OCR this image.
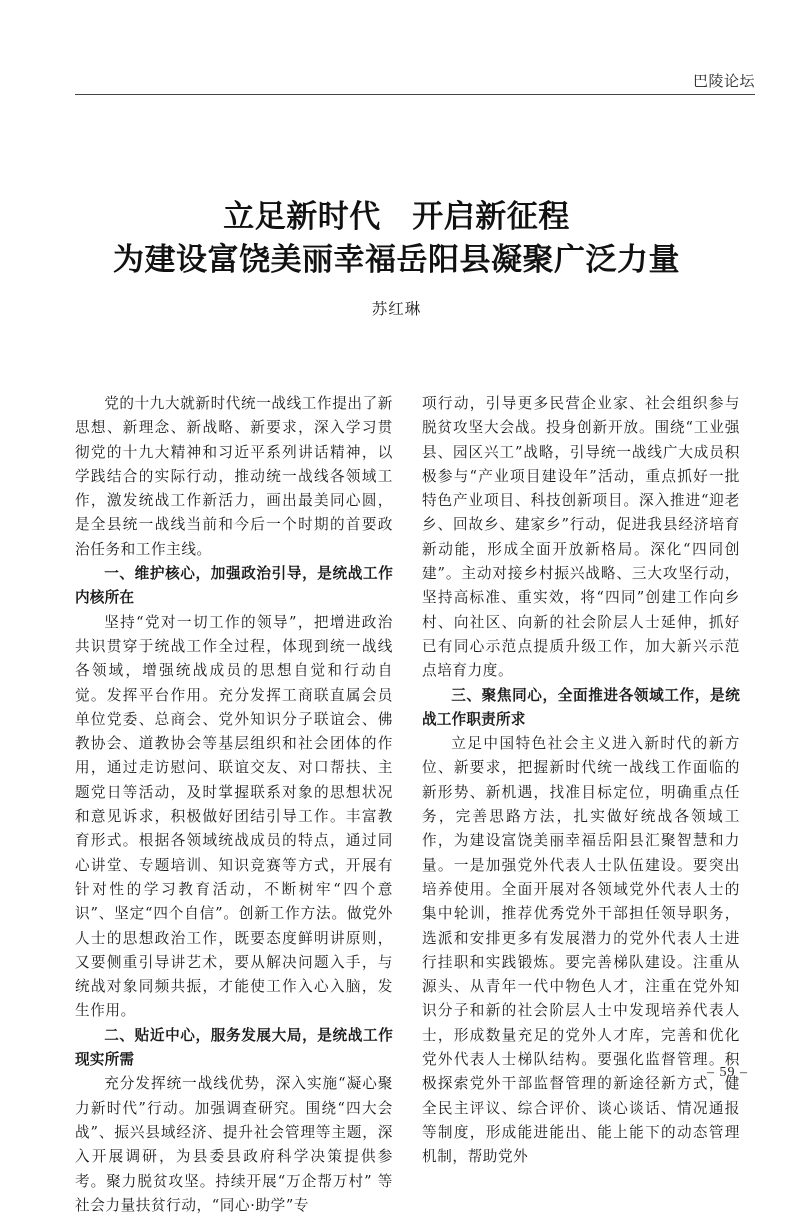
巴陵论坛
立足新时代　开启新征程
为建设富饶美丽幸福岳阳县凝聚广泛力量
苏红琳

党的十九大就新时代统一战线工作提出了新思想、新理念、新战略、新要求，深入学习贯彻党的十九大精神和习近平系列讲话精神，以学践结合的实际行动，推动统一战线各领域工作，激发统战工作新活力，画出最美同心圆，是全县统一战线当前和今后一个时期的首要政治任务和工作主线。

一、维护核心，加强政治引导，是统战工作内核所在

坚持“党对一切工作的领导”，把增进政治共识贯穿于统战工作全过程，体现到统一战线各领域，增强统战成员的思想自觉和行动自觉。发挥平台作用。充分发挥工商联直属会员单位党委、总商会、党外知识分子联谊会、佛教协会、道教协会等基层组织和社会团体的作用，通过走访慰问、联谊交友、对口帮扶、主题党日等活动，及时掌握联系对象的思想状况和意见诉求，积极做好团结引导工作。丰富教育形式。根据各领域统战成员的特点，通过同心讲堂、专题培训、知识竞赛等方式，开展有针对性的学习教育活动，不断树牢“四个意识”、坚定“四个自信”。创新工作方法。做党外人士的思想政治工作，既要态度鲜明讲原则，又要侧重引导讲艺术，要从解决问题入手，与统战对象同频共振，才能使工作入心入脑，发生作用。

二、贴近中心，服务发展大局，是统战工作现实所需

充分发挥统一战线优势，深入实施“凝心聚力新时代”行动。加强调查研究。围绕“四大会战”、振兴县域经济、提升社会管理等主题，深入开展调研，为县委县政府科学决策提供参考。聚力脱贫攻坚。持续开展“万企帮万村” 等社会力量扶贫行动，“同心·助学”专

项行动，引导更多民营企业家、社会组织参与脱贫攻坚大会战。投身创新开放。围绕“工业强县、园区兴工”战略，引导统一战线广大成员积极参与“产业项目建设年”活动，重点抓好一批特色产业项目、科技创新项目。深入推进“迎老乡、回故乡、建家乡”行动，促进我县经济培育新动能，形成全面开放新格局。深化“四同创建”。主动对接乡村振兴战略、三大攻坚行动，坚持高标准、重实效，将“四同”创建工作向乡村、向社区、向新的社会阶层人士延伸，抓好已有同心示范点提质升级工作，加大新兴示范点培育力度。

三、聚焦同心，全面推进各领域工作，是统战工作职责所求

立足中国特色社会主义进入新时代的新方位、新要求，把握新时代统一战线工作面临的新形势、新机遇，找准目标定位，明确重点任务，完善思路方法，扎实做好统战各领域工作，为建设富饶美丽幸福岳阳县汇聚智慧和力量。一是加强党外代表人士队伍建设。要突出培养使用。全面开展对各领域党外代表人士的集中轮训，推荐优秀党外干部担任领导职务，选派和安排更多有发展潜力的党外代表人士进行挂职和实践锻炼。要完善梯队建设。注重从源头、从青年一代中物色人才，注重在党外知识分子和新的社会阶层人士中发现培养代表人士，形成数量充足的党外人才库，完善和优化党外代表人士梯队结构。要强化监督管理。积极探索党外干部监督管理的新途径新方式，健全民主评议、综合评价、谈心谈话、情况通报等制度，形成能进能出、能上能下的动态管理机制，帮助党外

– 59 –
